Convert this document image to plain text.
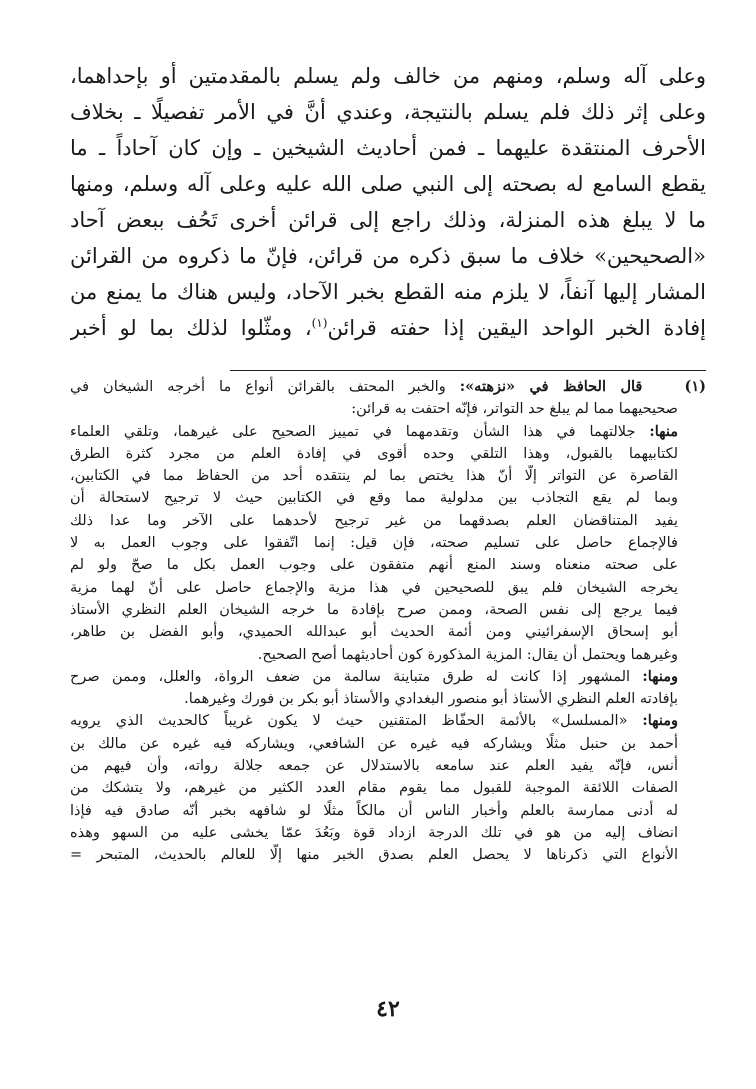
وعلى آله وسلم، ومنهم من خالف ولم يسلم بالمقدمتين أو بإحداهما،
وعلى إثر ذلك فلم يسلم بالنتيجة، وعندي أنَّ في الأمر تفصيلًا ـ بخلاف
الأحرف المنتقدة عليهما ـ فمن أحاديث الشيخين ـ وإن كان آحاداً ـ ما
يقطع السامع له بصحته إلى النبي صلى الله عليه وعلى آله وسلم، ومنها
ما لا يبلغ هذه المنزلة، وذلك راجع إلى قرائن أخرى تَحُف ببعض آحاد
«الصحيحين» خلاف ما سبق ذكره من قرائن، فإنّ ما ذكروه من القرائن
المشار إليها آنفاً، لا يلزم منه القطع بخبر الآحاد، وليس هناك ما يمنع من
إفادة الخبر الواحد اليقين إذا حفته قرائن$^{(١)}$، ومثّلوا لذلك بما لو أخبر
(١)   قال الحافظ في «نزهته»: والخبر المحتف بالقرائن أنواع ما أخرجه الشيخان في
صحيحيهما مما لم يبلغ حد التواتر، فإنّه احتفت به قرائن:
منها: جلالتهما في هذا الشأن وتقدمهما في تمييز الصحيح على غيرهما، وتلقي العلماء
لكتابيهما بالقبول، وهذا التلقي وحده أقوى في إفادة العلم من مجرد كثرة الطرق
القاصرة عن التواتر إلّا أنّ هذا يختص بما لم ينتقده أحد من الحفاظ مما في الكتابين،
وبما لم يقع التجاذب بين مدلولية مما وقع في الكتابين حيث لا ترجيح لاستحالة أن
يفيد المتناقضان العلم بصدقهما من غير ترجيح لأحدهما على الآخر وما عدا ذلك
فالإجماع حاصل على تسليم صحته، فإن قيل: إنما اتّفقوا على وجوب العمل به لا
على صحته منعناه وسند المنع أنهم متفقون على وجوب العمل بكل ما صحّ ولو لم
يخرجه الشيخان فلم يبق للصحيحين في هذا مزية والإجماع حاصل على أنّ لهما مزية
فيما يرجع إلى نفس الصحة، وممن صرح بإفادة ما خرجه الشيخان العلم النظري الأستاذ
أبو إسحاق الإسفرائيني ومن أئمة الحديث أبو عبدالله الحميدي، وأبو الفضل بن طاهر،
وغيرهما ويحتمل أن يقال: المزية المذكورة كون أحاديثهما أصح الصحيح.
ومنها: المشهور إذا كانت له طرق متباينة سالمة من ضعف الرواة، والعلل، وممن صرح
بإفادته العلم النظري الأستاذ أبو منصور البغدادي والأستاذ أبو بكر بن فورك وغيرهما.
ومنها: «المسلسل» بالأئمة الحفّاظ المتقنين حيث لا يكون غريباً كالحديث الذي يرويه
أحمد بن حنبل مثلًا ويشاركه فيه غيره عن الشافعي، ويشاركه فيه غيره عن مالك بن
أنس، فإنّه يفيد العلم عند سامعه بالاستدلال عن جمعه جلالة رواته، وأن فيهم من
الصفات اللائقة الموجبة للقبول مما يقوم مقام العدد الكثير من غيرهم، ولا يتشكك من
له أدنى ممارسة بالعلم وأخبار الناس أن مالكاً مثلًا لو شافهه بخبر أنّه صادق فيه فإذا
انضاف إليه من هو في تلك الدرجة ازداد قوة وبَعُدَ عمّا يخشى عليه من السهو وهذه
الأنواع التي ذكرناها لا يحصل العلم بصدق الخبر منها إلّا للعالم بالحديث، المتبحر =
٤٢
